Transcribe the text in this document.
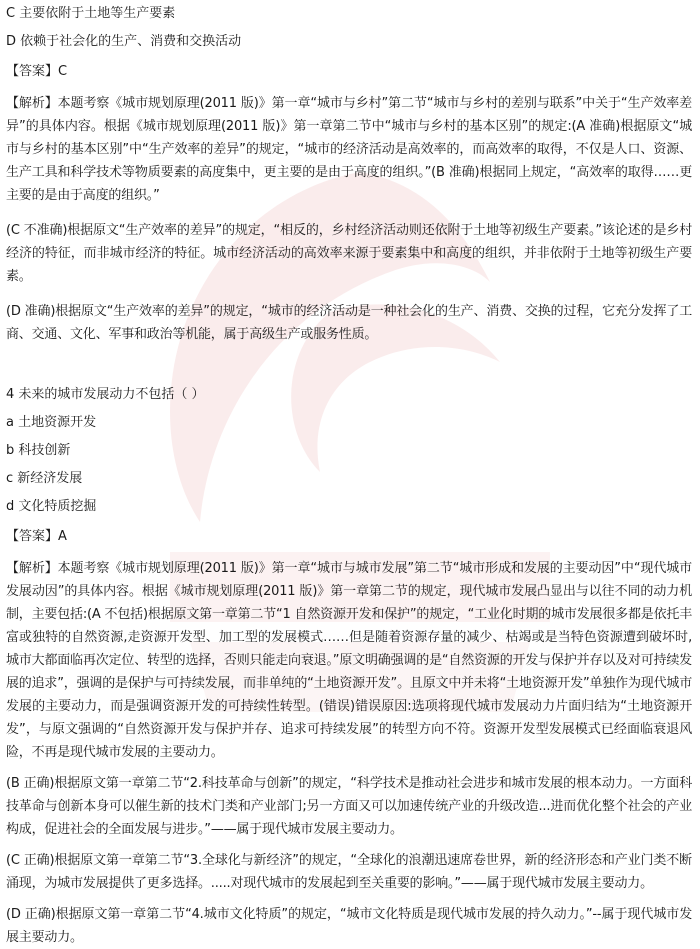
C 主要依附于土地等生产要素

D 依赖于社会化的生产、消费和交换活动

【答案】C

【解析】本题考察《城市规划原理(2011 版)》第一章“城市与乡村”第二节“城市与乡村的差别与联系”中关于“生产效率差异”的具体内容。根据《城市规划原理(2011 版)》第一章第二节中“城市与乡村的基本区别”的规定:(A 准确)根据原文“城市与乡村的基本区别”中“生产效率的差异”的规定，“城市的经济活动是高效率的，而高效率的取得，不仅是人口、资源、生产工具和科学技术等物质要素的高度集中，更主要的是由于高度的组织。”(B 准确)根据同上规定，“高效率的取得……更主要的是由于高度的组织。”

(C 不准确)根据原文“生产效率的差异”的规定，“相反的，乡村经济活动则还依附于土地等初级生产要素。”该论述的是乡村经济的特征，而非城市经济的特征。城市经济活动的高效率来源于要素集中和高度的组织，并非依附于土地等初级生产要素。

(D 准确)根据原文“生产效率的差异”的规定，“城市的经济活动是一种社会化的生产、消费、交换的过程，它充分发挥了工商、交通、文化、军事和政治等机能，属于高级生产或服务性质。

4 未来的城市发展动力不包括（ ）

a 土地资源开发

b 科技创新

c 新经济发展

d 文化特质挖掘

【答案】A

【解析】本题考察《城市规划原理(2011 版)》第一章“城市与城市发展”第二节“城市形成和发展的主要动因”中“现代城市发展动因”的具体内容。根据《城市规划原理(2011 版)》第一章第二节的规定，现代城市发展凸显出与以往不同的动力机制，主要包括:(A 不包括)根据原文第一章第二节“1 自然资源开发和保护”的规定，“工业化时期的城市发展很多都是依托丰富或独特的自然资源,走资源开发型、加工型的发展模式……但是随着资源存量的减少、枯竭或是当特色资源遭到破坏时,城市大都面临再次定位、转型的选择，否则只能走向衰退。”原文明确强调的是“自然资源的开发与保护并存以及对可持续发展的追求”，强调的是保护与可持续发展，而非单纯的“土地资源开发”。且原文中并未将“土地资源开发”单独作为现代城市发展的主要动力，而是强调资源开发的可持续性转型。(错误)错误原因:选项将现代城市发展动力片面归结为“土地资源开发”，与原文强调的“自然资源开发与保护并存、追求可持续发展”的转型方向不符。资源开发型发展模式已经面临衰退风险，不再是现代城市发展的主要动力。

(B 正确)根据原文第一章第二节“2.科技革命与创新”的规定，“科学技术是推动社会进步和城市发展的根本动力。一方面科技革命与创新本身可以催生新的技术门类和产业部门;另一方面又可以加速传统产业的升级改造...进而优化整个社会的产业构成，促进社会的全面发展与进步。”——属于现代城市发展主要动力。

(C 正确)根据原文第一章第二节“3.全球化与新经济”的规定，“全球化的浪潮迅速席卷世界，新的经济形态和产业门类不断涌现，为城市发展提供了更多选择。.....对现代城市的发展起到至关重要的影响。”——属于现代城市发展主要动力。

(D 正确)根据原文第一章第二节“4.城市文化特质”的规定，“城市文化特质是现代城市发展的持久动力。”--属于现代城市发展主要动力。
